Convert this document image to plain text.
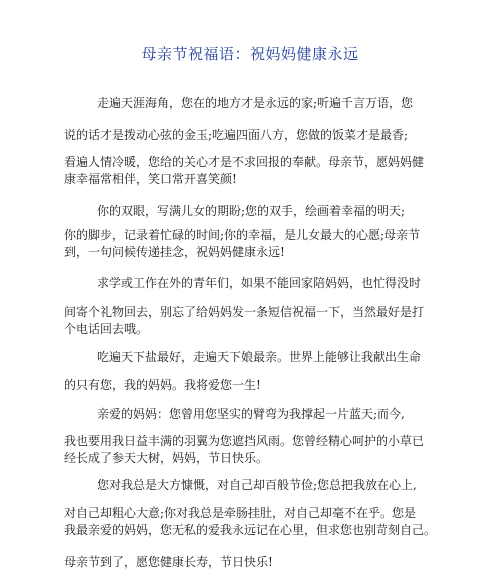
母亲节祝福语：祝妈妈健康永远
走遍天涯海角，您在的地方才是永远的家;听遍千言万语，您
说的话才是拨动心弦的金玉;吃遍四面八方，您做的饭菜才是最香;
看遍人情冷暖，您给的关心才是不求回报的奉献。母亲节，愿妈妈健
康幸福常相伴，笑口常开喜笑颜!
你的双眼，写满儿女的期盼;您的双手，绘画着幸福的明天;
你的脚步，记录着忙碌的时间;你的幸福，是儿女最大的心愿;母亲节
到，一句问候传递挂念，祝妈妈健康永远!
求学或工作在外的青年们，如果不能回家陪妈妈，也忙得没时
间寄个礼物回去，别忘了给妈妈发一条短信祝福一下，当然最好是打
个电话回去哦。
吃遍天下盐最好，走遍天下娘最亲。世界上能够让我献出生命
的只有您，我的妈妈。我将爱您一生!
亲爱的妈妈：您曾用您坚实的臂弯为我撑起一片蓝天;而今,
我也要用我日益丰满的羽翼为您遮挡风雨。您曾经精心呵护的小草已
经长成了参天大树，妈妈，节日快乐。
您对我总是大方慷慨，对自己却百般节俭;您总把我放在心上,
对自己却粗心大意;你对我总是牵肠挂肚，对自己却毫不在乎。您是
我最亲爱的妈妈，您无私的爱我永远记在心里，但求您也别苛刻自己。
母亲节到了，愿您健康长寿，节日快乐!
